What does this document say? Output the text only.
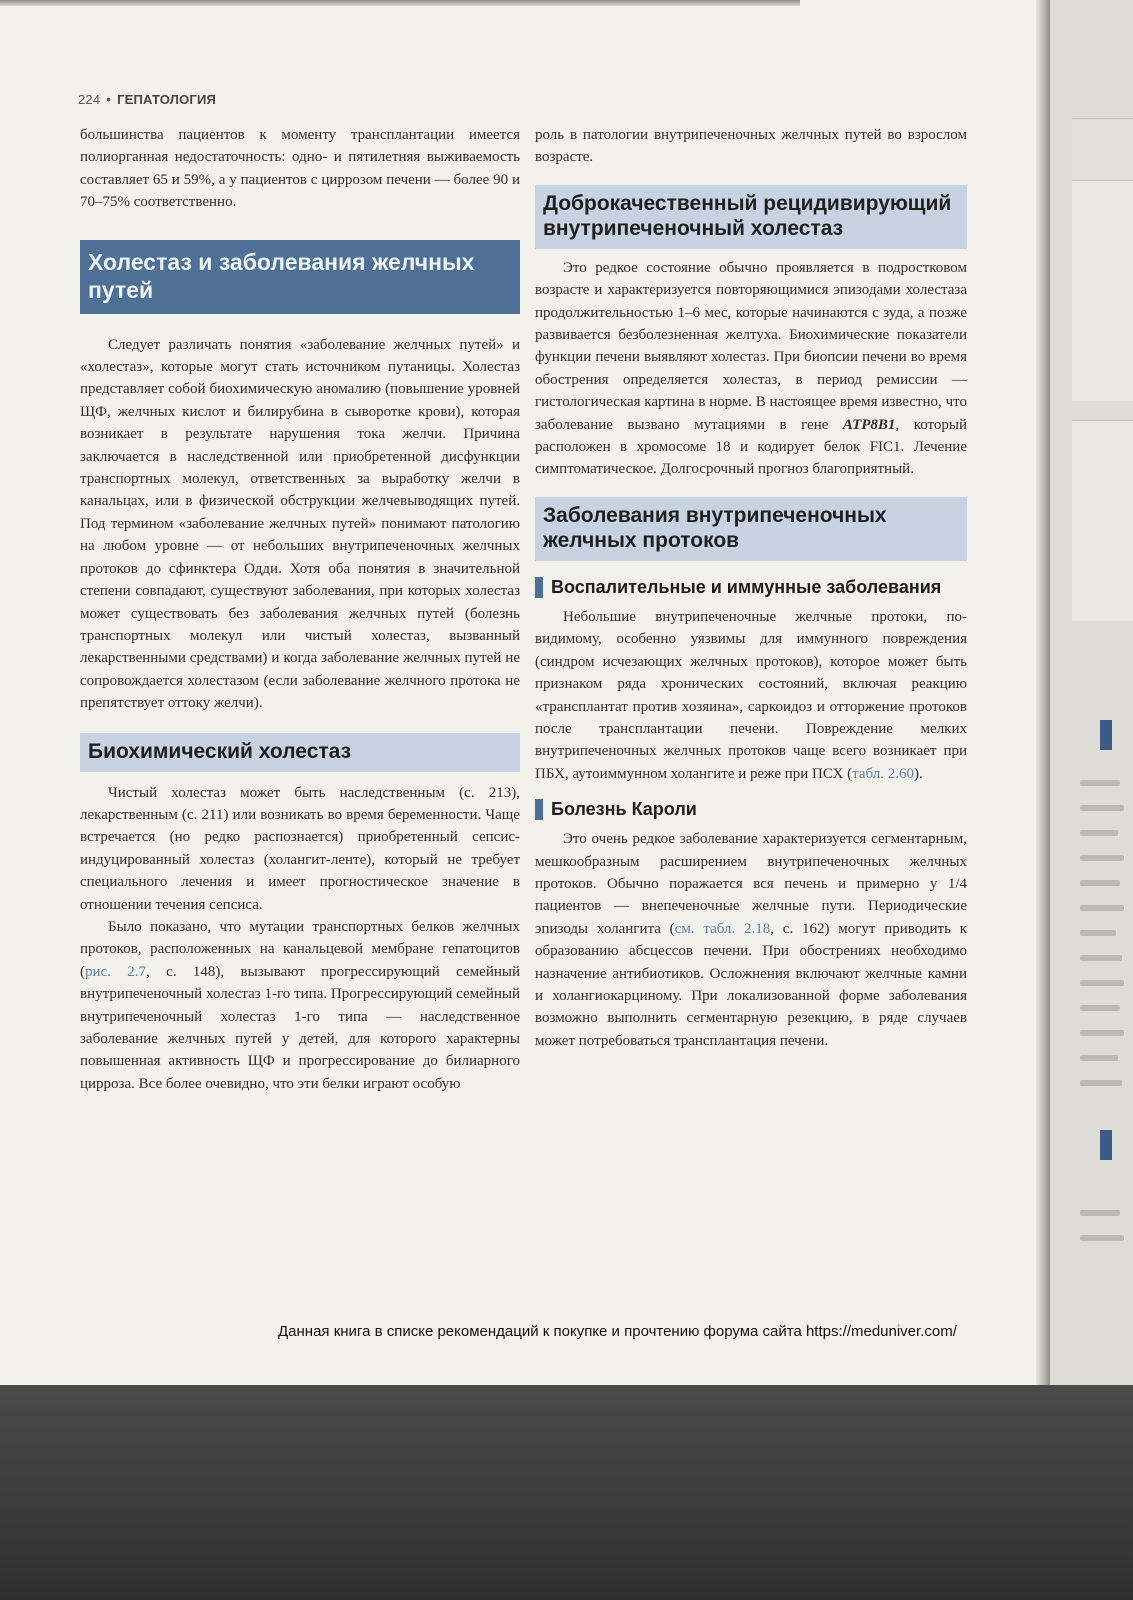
224 • ГЕПАТОЛОГИЯ

большинства пациентов к моменту трансплантации имеется полиорганная недостаточность: одно- и пятилетняя выживаемость составляет 65 и 59%, а у пациентов с циррозом печени — более 90 и 70–75% соответственно.

Холестаз и заболевания желчных путей

Следует различать понятия «заболевание желчных путей» и «холестаз», которые могут стать источником путаницы. Холестаз представляет собой биохимическую аномалию (повышение уровней ЩФ, желчных кислот и билирубина в сыворотке крови), которая возникает в результате нарушения тока желчи. Причина заключается в наследственной или приобретенной дисфункции транспортных молекул, ответственных за выработку желчи в канальцах, или в физической обструкции желчевыводящих путей. Под термином «заболевание желчных путей» понимают патологию на любом уровне — от небольших внутрипеченочных желчных протоков до сфинктера Одди. Хотя оба понятия в значительной степени совпадают, существуют заболевания, при которых холестаз может существовать без заболевания желчных путей (болезнь транспортных молекул или чистый холестаз, вызванный лекарственными средствами) и когда заболевание желчных путей не сопровождается холестазом (если заболевание желчного протока не препятствует оттоку желчи).

Биохимический холестаз

Чистый холестаз может быть наследственным (с. 213), лекарственным (с. 211) или возникать во время беременности. Чаще встречается (но редко распознается) приобретенный сепсис-индуцированный холестаз (холангит-ленте), который не требует специального лечения и имеет прогностическое значение в отношении течения сепсиса.

Было показано, что мутации транспортных белков желчных протоков, расположенных на канальцевой мембране гепатоцитов (рис. 2.7, с. 148), вызывают прогрессирующий семейный внутрипеченочный холестаз 1-го типа. Прогрессирующий семейный внутрипеченочный холестаз 1-го типа — наследственное заболевание желчных путей у детей, для которого характерны повышенная активность ЩФ и прогрессирование до билиарного цирроза. Все более очевидно, что эти белки играют особую

роль в патологии внутрипеченочных желчных путей во взрослом возрасте.

Доброкачественный рецидивирующий внутрипеченочный холестаз

Это редкое состояние обычно проявляется в подростковом возрасте и характеризуется повторяющимися эпизодами холестаза продолжительностью 1–6 мес, которые начинаются с зуда, а позже развивается безболезненная желтуха. Биохимические показатели функции печени выявляют холестаз. При биопсии печени во время обострения определяется холестаз, в период ремиссии — гистологическая картина в норме. В настоящее время известно, что заболевание вызвано мутациями в гене ATP8B1, который расположен в хромосоме 18 и кодирует белок FIC1. Лечение симптоматическое. Долгосрочный прогноз благоприятный.

Заболевания внутрипеченочных желчных протоков
Воспалительные и иммунные заболевания

Небольшие внутрипеченочные желчные протоки, по-видимому, особенно уязвимы для иммунного повреждения (синдром исчезающих желчных протоков), которое может быть признаком ряда хронических состояний, включая реакцию «трансплантат против хозяина», саркоидоз и отторжение протоков после трансплантации печени. Повреждение мелких внутрипеченочных желчных протоков чаще всего возникает при ПБХ, аутоиммунном холангите и реже при ПСХ (табл. 2.60).

Болезнь Кароли

Это очень редкое заболевание характеризуется сегментарным, мешкообразным расширением внутрипеченочных желчных протоков. Обычно поражается вся печень и примерно у 1/4 пациентов — внепеченочные желчные пути. Периодические эпизоды холангита (см. табл. 2.18, с. 162) могут приводить к образованию абсцессов печени. При обострениях необходимо назначение антибиотиков. Осложнения включают желчные камни и холангиокарциному. При локализованной форме заболевания возможно выполнить сегментарную резекцию, в ряде случаев может потребоваться трансплантация печени.

Данная книга в списке рекомендаций к покупке и прочтению форума сайта https://meduniver.com/
